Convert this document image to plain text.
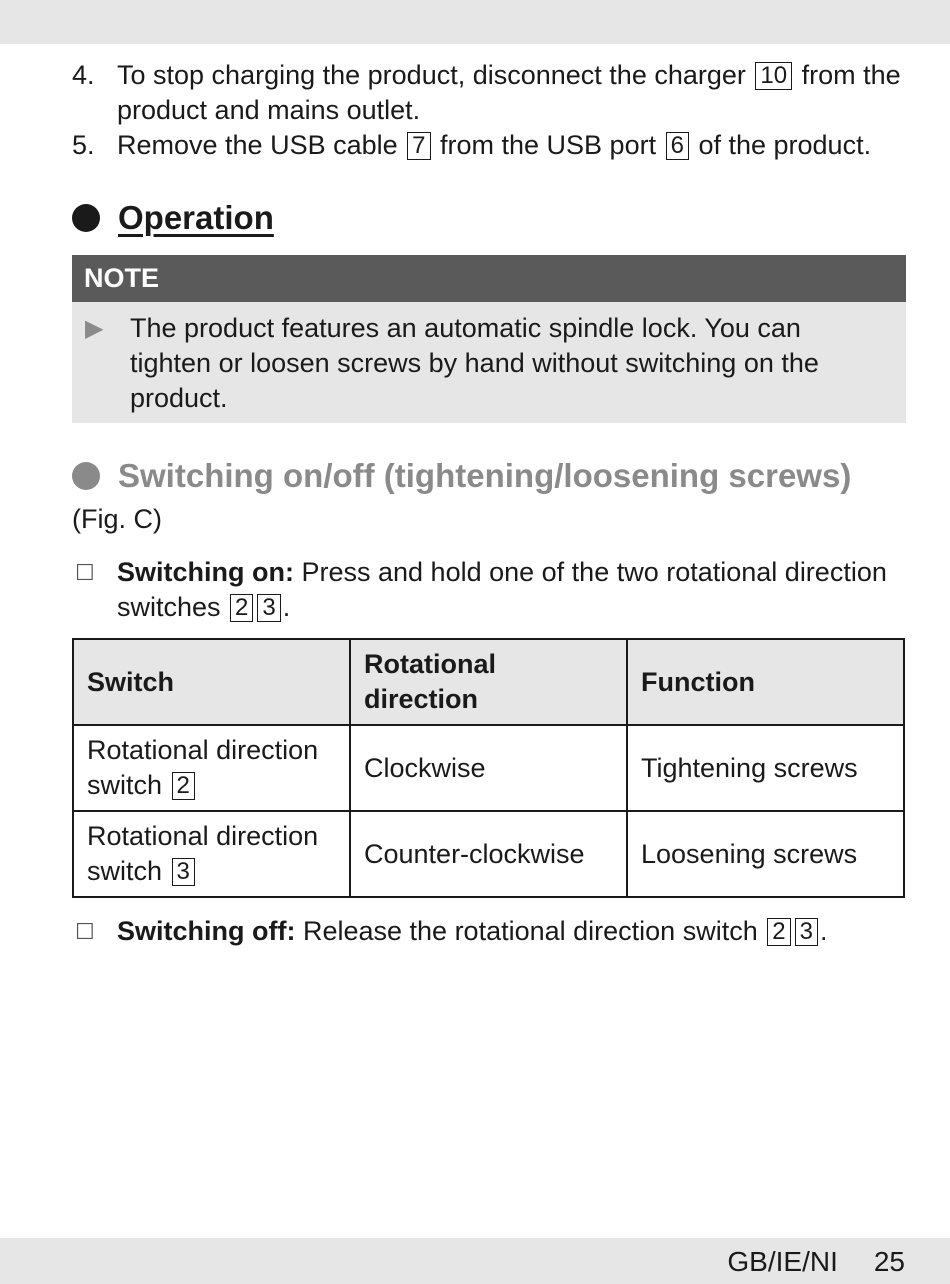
4. To stop charging the product, disconnect the charger 10 from the product and mains outlet.
5. Remove the USB cable 7 from the USB port 6 of the product.
Operation
NOTE
▶ The product features an automatic spindle lock. You can tighten or loosen screws by hand without switching on the product.
Switching on/off (tightening/loosening screws)
(Fig. C)
☐ Switching on: Press and hold one of the two rotational direction switches 2 3 .
Switch	Rotational direction	Function
Rotational direction switch 2	Clockwise	Tightening screws
Rotational direction switch 3	Counter-clockwise	Loosening screws
☐ Switching off: Release the rotational direction switch 2 3 .
GB/IE/NI 25
